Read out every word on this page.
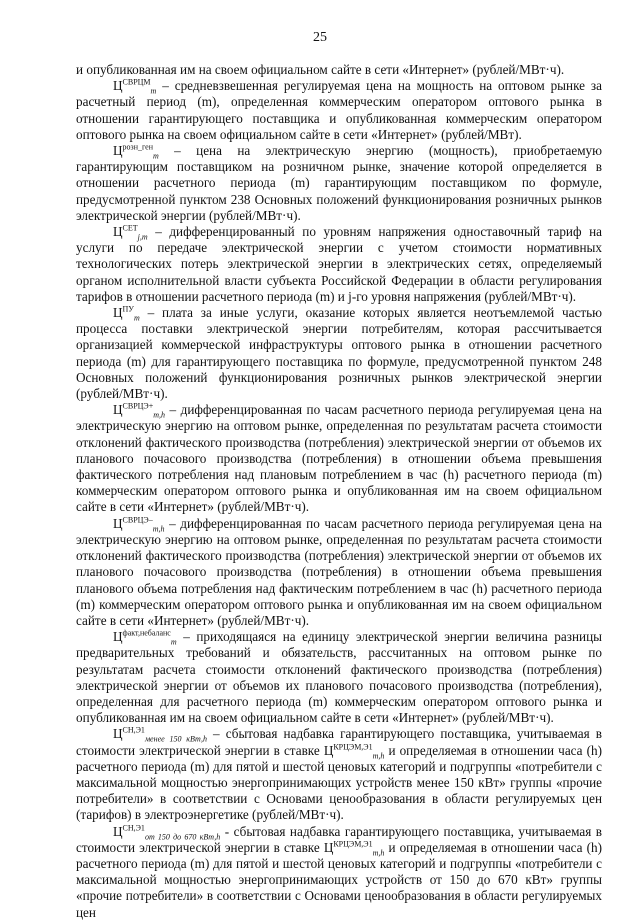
25

и опубликованная им на своем официальном сайте в сети «Интернет» (рублей/МВт·ч).

$Ц^{СВРЦМ}_m$ – средневзвешенная регулируемая цена на мощность на оптовом рынке за расчетный период (m), определенная коммерческим оператором оптового рынка в отношении гарантирующего поставщика и опубликованная коммерческим оператором оптового рынка на своем официальном сайте в сети «Интернет» (рублей/МВт).

$Ц^{розн\_ген}_m$ – цена на электрическую энергию (мощность), приобретаемую гарантирующим поставщиком на розничном рынке, значение которой определяется в отношении расчетного периода (m) гарантирующим поставщиком по формуле, предусмотренной пунктом 238 Основных положений функционирования розничных рынков электрической энергии (рублей/МВт·ч).

$Ц^{СЕТ}_{j,m}$ – дифференцированный по уровням напряжения одноставочный тариф на услуги по передаче электрической энергии с учетом стоимости нормативных технологических потерь электрической энергии в электрических сетях, определяемый органом исполнительной власти субъекта Российской Федерации в области регулирования тарифов в отношении расчетного периода (m) и j-го уровня напряжения (рублей/МВт·ч).

$Ц^{ПУ}_m$ – плата за иные услуги, оказание которых является неотъемлемой частью процесса поставки электрической энергии потребителям, которая рассчитывается организацией коммерческой инфраструктуры оптового рынка в отношении расчетного периода (m) для гарантирующего поставщика по формуле, предусмотренной пунктом 248 Основных положений функционирования розничных рынков электрической энергии (рублей/МВт·ч).

$Ц^{СВРЦЭ+}_{m,h}$ – дифференцированная по часам расчетного периода регулируемая цена на электрическую энергию на оптовом рынке, определенная по результатам расчета стоимости отклонений фактического производства (потребления) электрической энергии от объемов их планового почасового производства (потребления) в отношении объема превышения фактического потребления над плановым потреблением в час (h) расчетного периода (m) коммерческим оператором оптового рынка и опубликованная им на своем официальном сайте в сети «Интернет» (рублей/МВт·ч).

$Ц^{СВРЦЭ-}_{m,h}$ – дифференцированная по часам расчетного периода регулируемая цена на электрическую энергию на оптовом рынке, определенная по результатам расчета стоимости отклонений фактического производства (потребления) электрической энергии от объемов их планового почасового производства (потребления) в отношении объема превышения планового объема потребления над фактическим потреблением в час (h) расчетного периода (m) коммерческим оператором оптового рынка и опубликованная им на своем официальном сайте в сети «Интернет» (рублей/МВт·ч).

$Ц^{факт,небаланс}_m$ – приходящаяся на единицу электрической энергии величина разницы предварительных требований и обязательств, рассчитанных на оптовом рынке по результатам расчета стоимости отклонений фактического производства (потребления) электрической энергии от объемов их планового почасового производства (потребления), определенная для расчетного периода (m) коммерческим оператором оптового рынка и опубликованная им на своем официальном сайте в сети «Интернет» (рублей/МВт·ч).

$Ц^{СН,Э1}_{менее 150 кВт,h}$ – сбытовая надбавка гарантирующего поставщика, учитываемая в стоимости электрической энергии в ставке $Ц^{КРЦЭМ,Э1}_{m,h}$ и определяемая в отношении часа (h) расчетного периода (m) для пятой и шестой ценовых категорий и подгруппы «потребители с максимальной мощностью энергопринимающих устройств менее 150 кВт» группы «прочие потребители» в соответствии с Основами ценообразования в области регулируемых цен (тарифов) в электроэнергетике (рублей/МВт·ч).

$Ц^{СН,Э1}_{от 150 до 670 кВт,h}$ - сбытовая надбавка гарантирующего поставщика, учитываемая в стоимости электрической энергии в ставке $Ц^{КРЦЭМ,Э1}_{m,h}$ и определяемая в отношении часа (h) расчетного периода (m) для пятой и шестой ценовых категорий и подгруппы «потребители с максимальной мощностью энергопринимающих устройств от 150 до 670 кВт» группы «прочие потребители» в соответствии с Основами ценообразования в области регулируемых цен
